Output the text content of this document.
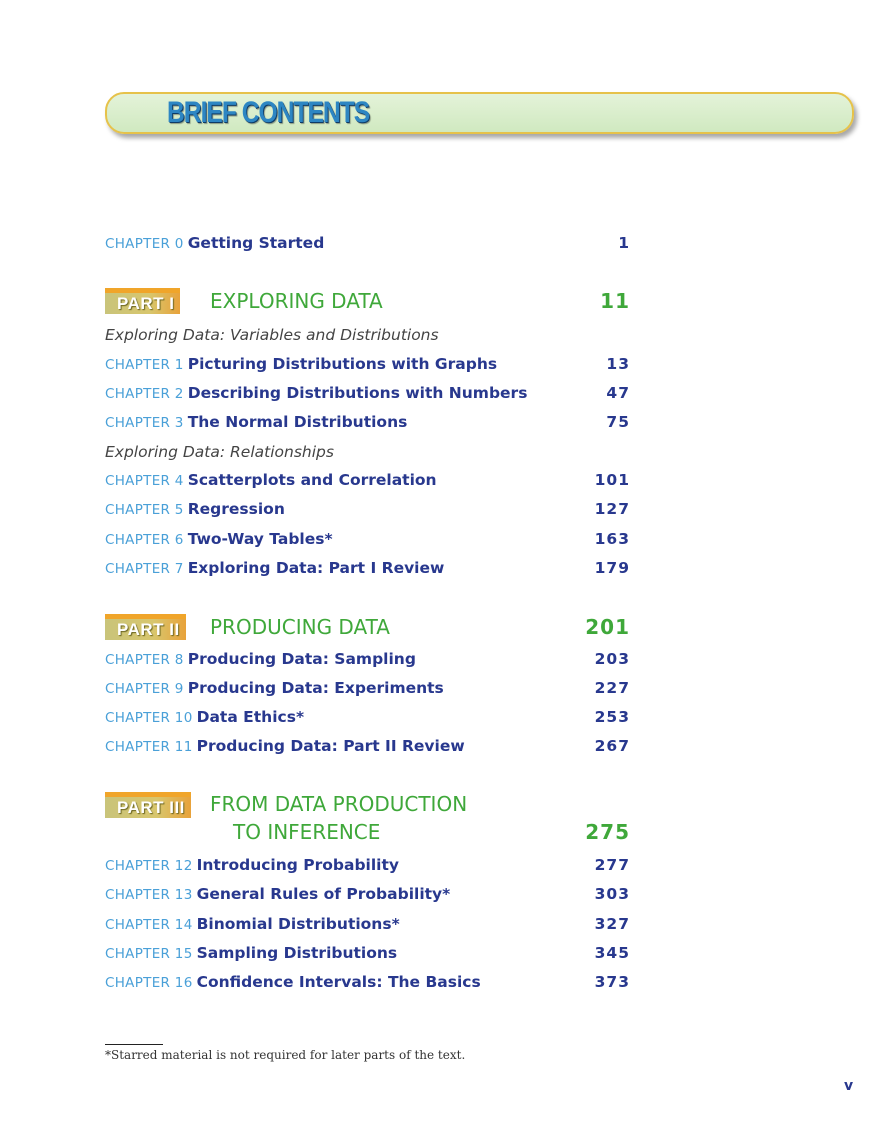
BRIEF CONTENTS
CHAPTER 0 Getting Started	1
PART I EXPLORING DATA	11
Exploring Data: Variables and Distributions
CHAPTER 1 Picturing Distributions with Graphs	13
CHAPTER 2 Describing Distributions with Numbers	47
CHAPTER 3 The Normal Distributions	75
Exploring Data: Relationships
CHAPTER 4 Scatterplots and Correlation	101
CHAPTER 5 Regression	127
CHAPTER 6 Two-Way Tables*	163
CHAPTER 7 Exploring Data: Part I Review	179
PART II PRODUCING DATA	201
CHAPTER 8 Producing Data: Sampling	203
CHAPTER 9 Producing Data: Experiments	227
CHAPTER 10 Data Ethics*	253
CHAPTER 11 Producing Data: Part II Review	267
PART III FROM DATA PRODUCTION
TO INFERENCE	275
CHAPTER 12 Introducing Probability	277
CHAPTER 13 General Rules of Probability*	303
CHAPTER 14 Binomial Distributions*	327
CHAPTER 15 Sampling Distributions	345
CHAPTER 16 Confidence Intervals: The Basics	373
*Starred material is not required for later parts of the text.
v
